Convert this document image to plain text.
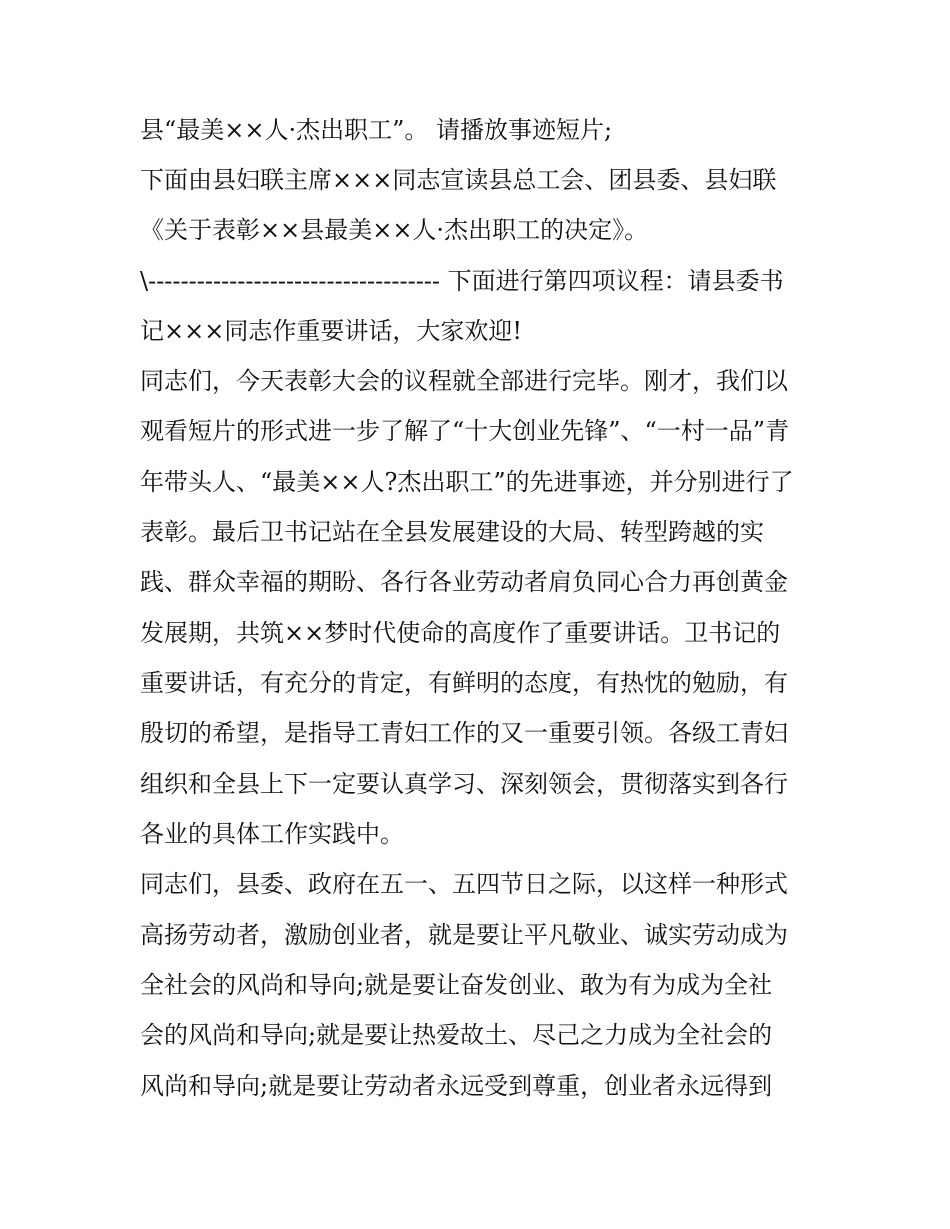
县“最美××人·杰出职工”。 请播放事迹短片;
下面由县妇联主席×××同志宣读县总工会、团县委、县妇联
《关于表彰××县最美××人·杰出职工的决定》。
\------------------------------------ 下面进行第四项议程：请县委书
记×××同志作重要讲话，大家欢迎!
同志们，今天表彰大会的议程就全部进行完毕。刚才，我们以
观看短片的形式进一步了解了“十大创业先锋”、“一村一品”青
年带头人、“最美××人?杰出职工”的先进事迹，并分别进行了
表彰。最后卫书记站在全县发展建设的大局、转型跨越的实
践、群众幸福的期盼、各行各业劳动者肩负同心合力再创黄金
发展期，共筑××梦时代使命的高度作了重要讲话。卫书记的
重要讲话，有充分的肯定，有鲜明的态度，有热忱的勉励，有
殷切的希望，是指导工青妇工作的又一重要引领。各级工青妇
组织和全县上下一定要认真学习、深刻领会，贯彻落实到各行
各业的具体工作实践中。
同志们，县委、政府在五一、五四节日之际，以这样一种形式
高扬劳动者，激励创业者，就是要让平凡敬业、诚实劳动成为
全社会的风尚和导向;就是要让奋发创业、敢为有为成为全社
会的风尚和导向;就是要让热爱故土、尽己之力成为全社会的
风尚和导向;就是要让劳动者永远受到尊重，创业者永远得到
